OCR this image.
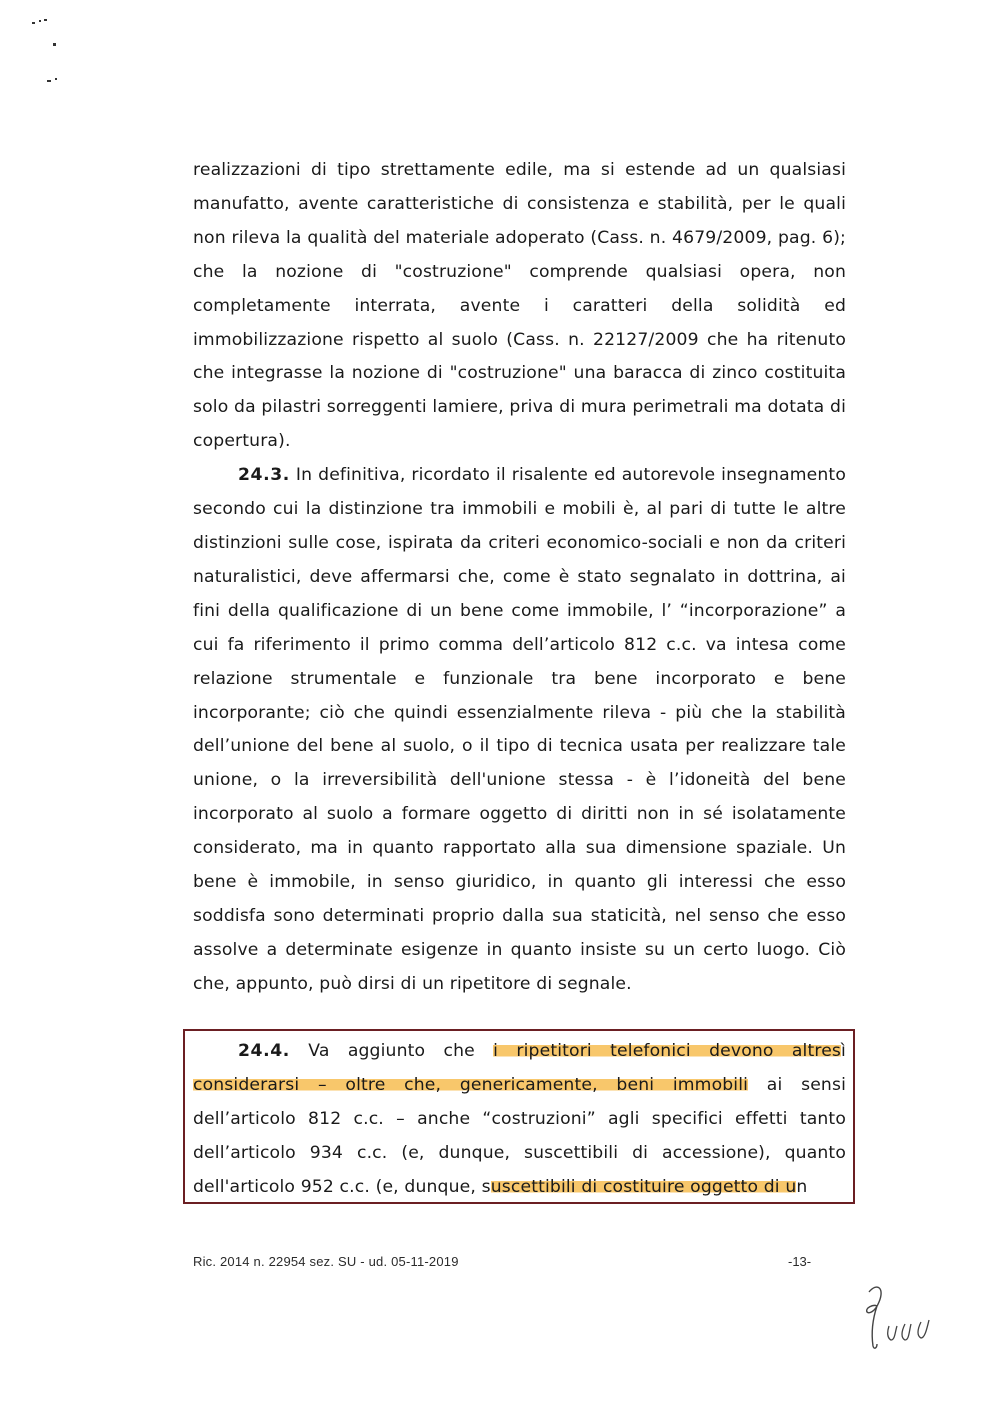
realizzazioni di tipo strettamente edile, ma si estende ad un qualsiasi manufatto, avente caratteristiche di consistenza e stabilità, per le quali non rileva la qualità del materiale adoperato (Cass. n. 4679/2009, pag. 6); che la nozione di "costruzione" comprende qualsiasi opera, non completamente interrata, avente i caratteri della solidità ed immobilizzazione rispetto al suolo (Cass. n. 22127/2009 che ha ritenuto che integrasse la nozione di "costruzione" una baracca di zinco costituita solo da pilastri sorreggenti lamiere, priva di mura perimetrali ma dotata di copertura).

24.3. In definitiva, ricordato il risalente ed autorevole insegnamento secondo cui la distinzione tra immobili e mobili è, al pari di tutte le altre distinzioni sulle cose, ispirata da criteri economico-sociali e non da criteri naturalistici, deve affermarsi che, come è stato segnalato in dottrina, ai fini della qualificazione di un bene come immobile, l’ “incorporazione” a cui fa riferimento il primo comma dell’articolo 812 c.c. va intesa come relazione strumentale e funzionale tra bene incorporato e bene incorporante; ciò che quindi essenzialmente rileva - più che la stabilità dell’unione del bene al suolo, o il tipo di tecnica usata per realizzare tale unione, o la irreversibilità dell'unione stessa - è l’idoneità del bene incorporato al suolo a formare oggetto di diritti non in sé isolatamente considerato, ma in quanto rapportato alla sua dimensione spaziale. Un bene è immobile, in senso giuridico, in quanto gli interessi che esso soddisfa sono determinati proprio dalla sua staticità, nel senso che esso assolve a determinate esigenze in quanto insiste su un certo luogo. Ciò che, appunto, può dirsi di un ripetitore di segnale.

24.4. Va aggiunto che i ripetitori telefonici devono altresì considerarsi – oltre che, genericamente, beni immobili ai sensi dell’articolo 812 c.c. – anche “costruzioni” agli specifici effetti tanto dell’articolo 934 c.c. (e, dunque, suscettibili di accessione), quanto dell'articolo 952 c.c. (e, dunque, suscettibili di costituire oggetto di un

Ric. 2014 n. 22954 sez. SU - ud. 05-11-2019	-13-
